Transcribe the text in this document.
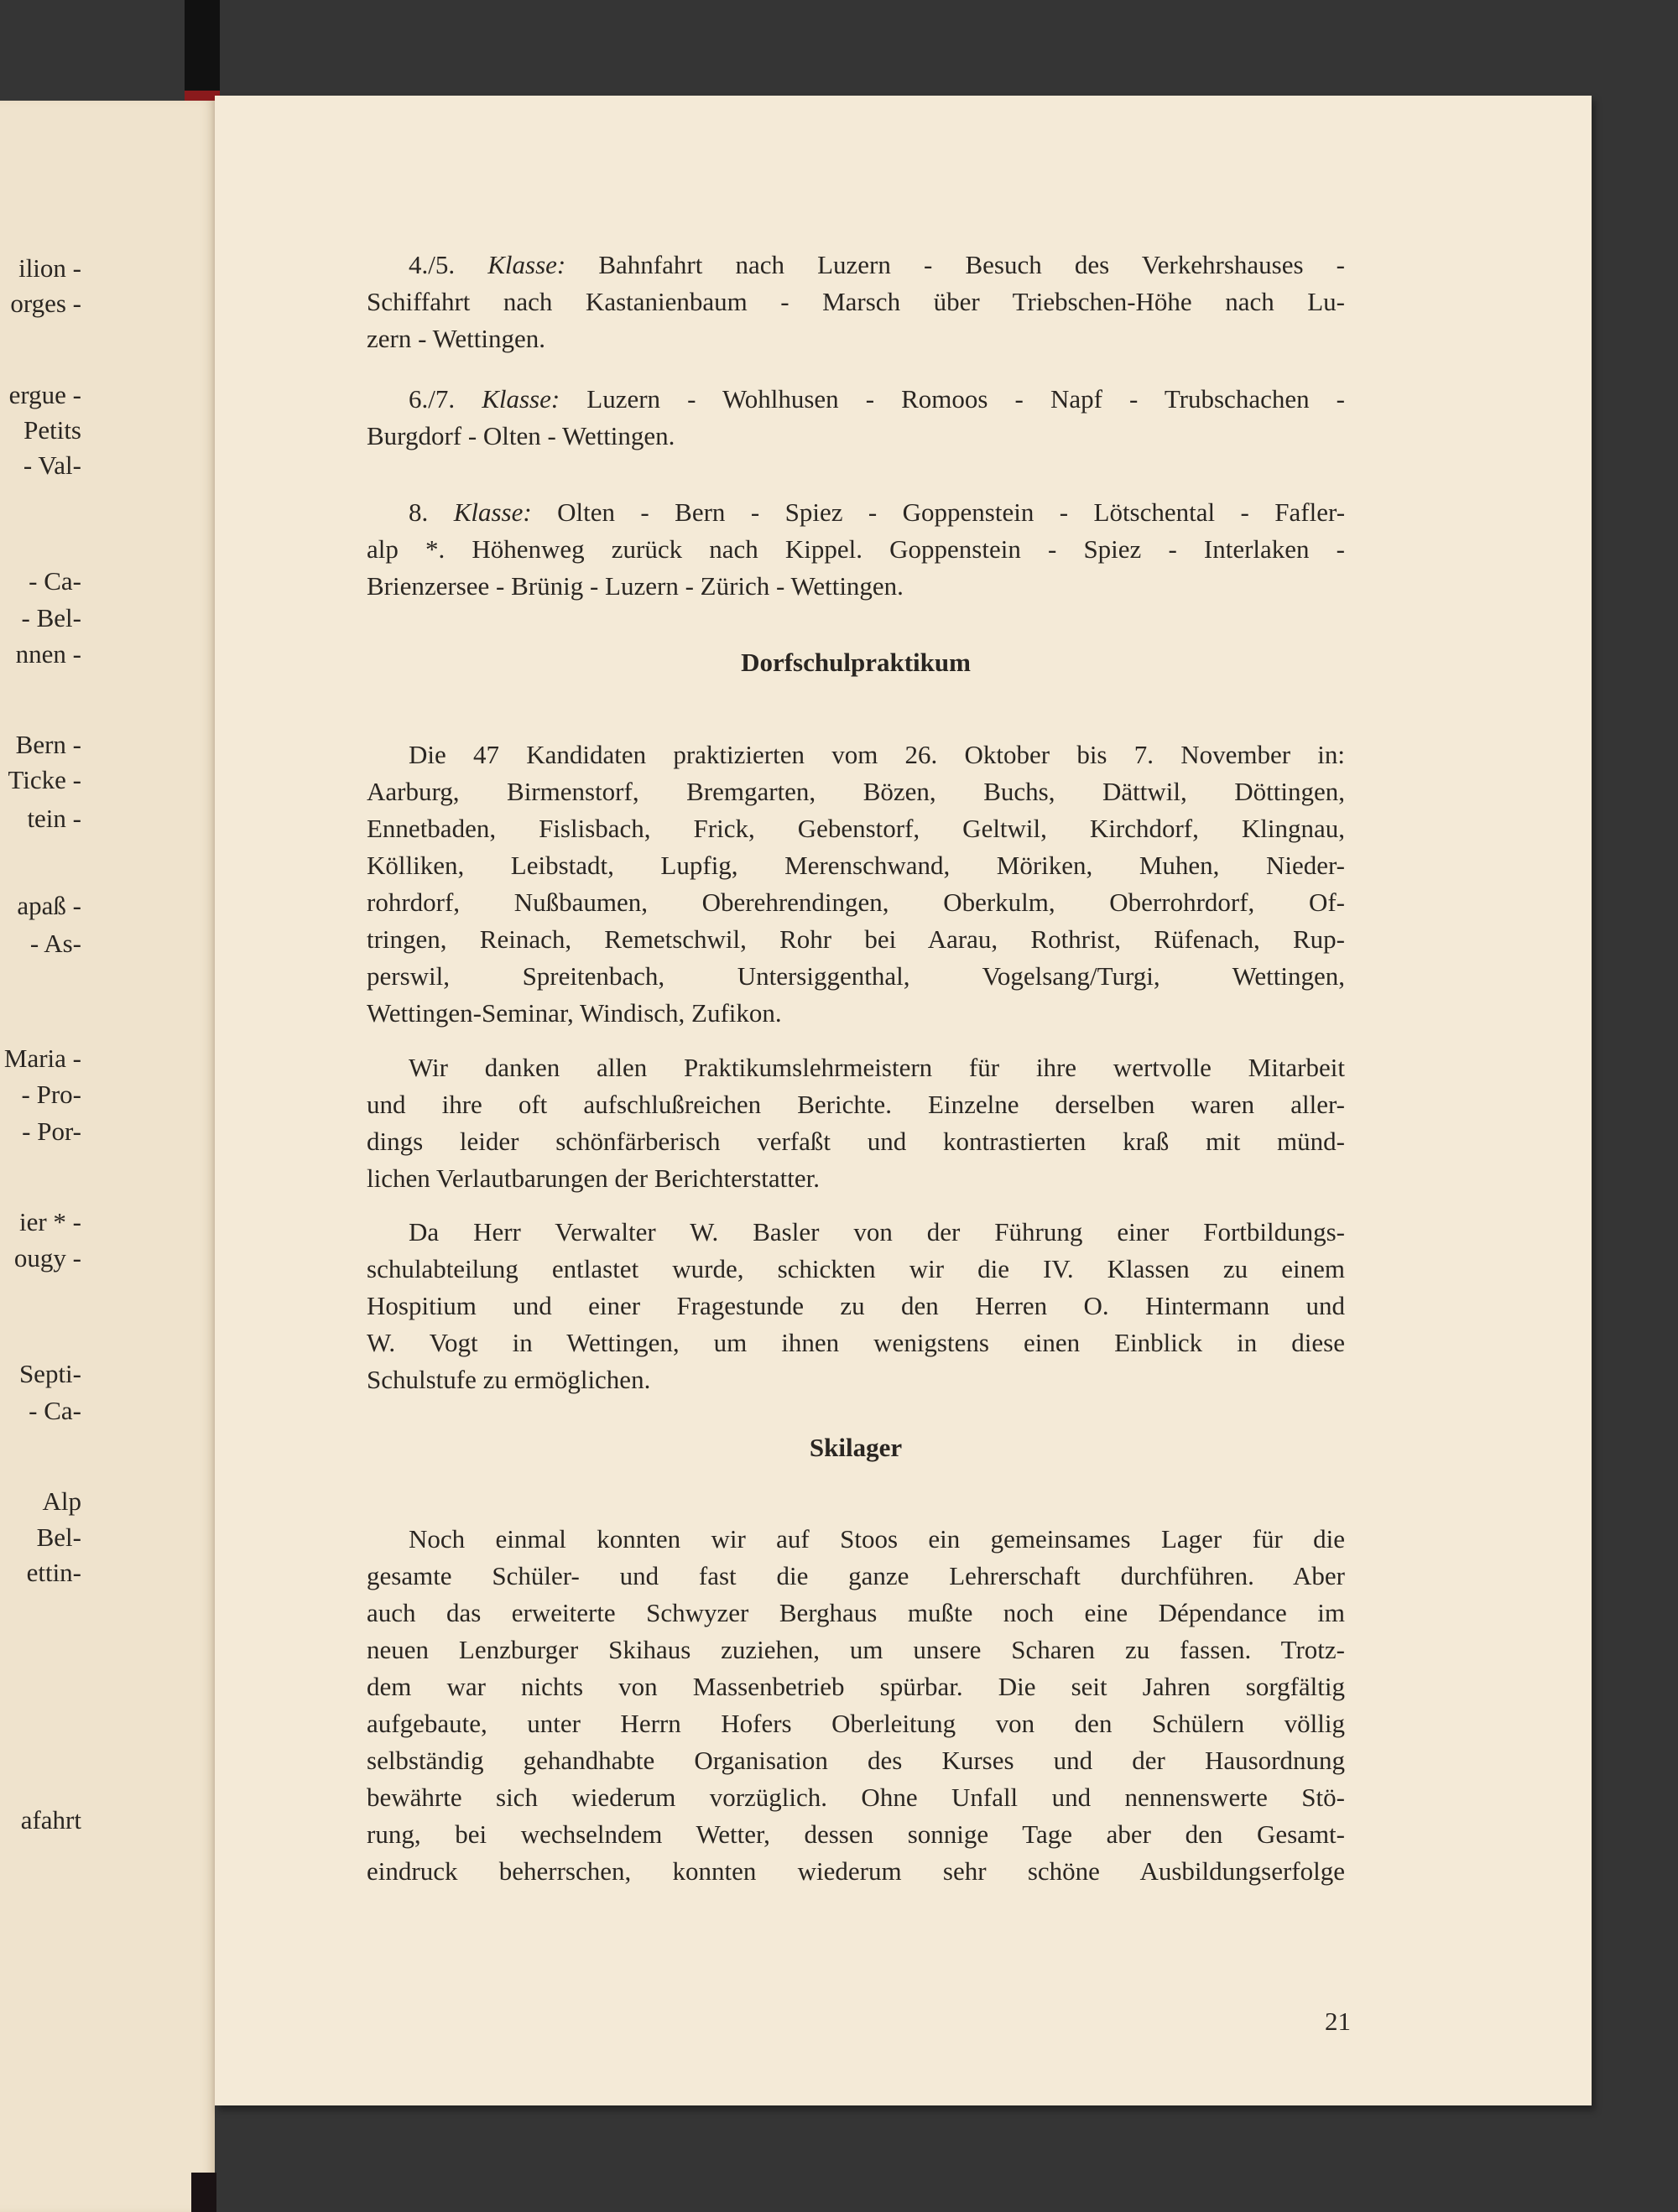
ilion -
orges -
ergue -
Petits
- Val-
- Ca-
- Bel-
nnen -
Bern -
Ticke -
tein -
apaß -
- As-
Maria -
- Pro-
- Por-
ier * -
ougy -
Septi-
- Ca-
Alp
Bel-
ettin-
afahrt
Dorfschulpraktikum
Skilager
21
4./5. Klasse: Bahnfahrt nach Luzern - Besuch des Verkehrshauses -
Schiffahrt nach Kastanienbaum - Marsch über Triebschen-Höhe nach Lu-
zern - Wettingen.
6./7. Klasse: Luzern - Wohlhusen - Romoos - Napf - Trubschachen -
Burgdorf - Olten - Wettingen.
8. Klasse: Olten - Bern - Spiez - Goppenstein - Lötschental - Fafler-
alp *. Höhenweg zurück nach Kippel. Goppenstein - Spiez - Interlaken -
Brienzersee - Brünig - Luzern - Zürich - Wettingen.
Die 47 Kandidaten praktizierten vom 26. Oktober bis 7. November in:
Aarburg, Birmenstorf, Bremgarten, Bözen, Buchs, Dättwil, Döttingen,
Ennetbaden, Fislisbach, Frick, Gebenstorf, Geltwil, Kirchdorf, Klingnau,
Kölliken, Leibstadt, Lupfig, Merenschwand, Möriken, Muhen, Nieder-
rohrdorf, Nußbaumen, Oberehrendingen, Oberkulm, Oberrohrdorf, Of-
tringen, Reinach, Remetschwil, Rohr bei Aarau, Rothrist, Rüfenach, Rup-
perswil, Spreitenbach, Untersiggenthal, Vogelsang/Turgi, Wettingen,
Wettingen-Seminar, Windisch, Zufikon.
Wir danken allen Praktikumslehrmeistern für ihre wertvolle Mitarbeit
und ihre oft aufschlußreichen Berichte. Einzelne derselben waren aller-
dings leider schönfärberisch verfaßt und kontrastierten kraß mit münd-
lichen Verlautbarungen der Berichterstatter.
Da Herr Verwalter W. Basler von der Führung einer Fortbildungs-
schulabteilung entlastet wurde, schickten wir die IV. Klassen zu einem
Hospitium und einer Fragestunde zu den Herren O. Hintermann und
W. Vogt in Wettingen, um ihnen wenigstens einen Einblick in diese
Schulstufe zu ermöglichen.
Noch einmal konnten wir auf Stoos ein gemeinsames Lager für die
gesamte Schüler- und fast die ganze Lehrerschaft durchführen. Aber
auch das erweiterte Schwyzer Berghaus mußte noch eine Dépendance im
neuen Lenzburger Skihaus zuziehen, um unsere Scharen zu fassen. Trotz-
dem war nichts von Massenbetrieb spürbar. Die seit Jahren sorgfältig
aufgebaute, unter Herrn Hofers Oberleitung von den Schülern völlig
selbständig gehandhabte Organisation des Kurses und der Hausordnung
bewährte sich wiederum vorzüglich. Ohne Unfall und nennenswerte Stö-
rung, bei wechselndem Wetter, dessen sonnige Tage aber den Gesamt-
eindruck beherrschen, konnten wiederum sehr schöne Ausbildungserfolge
